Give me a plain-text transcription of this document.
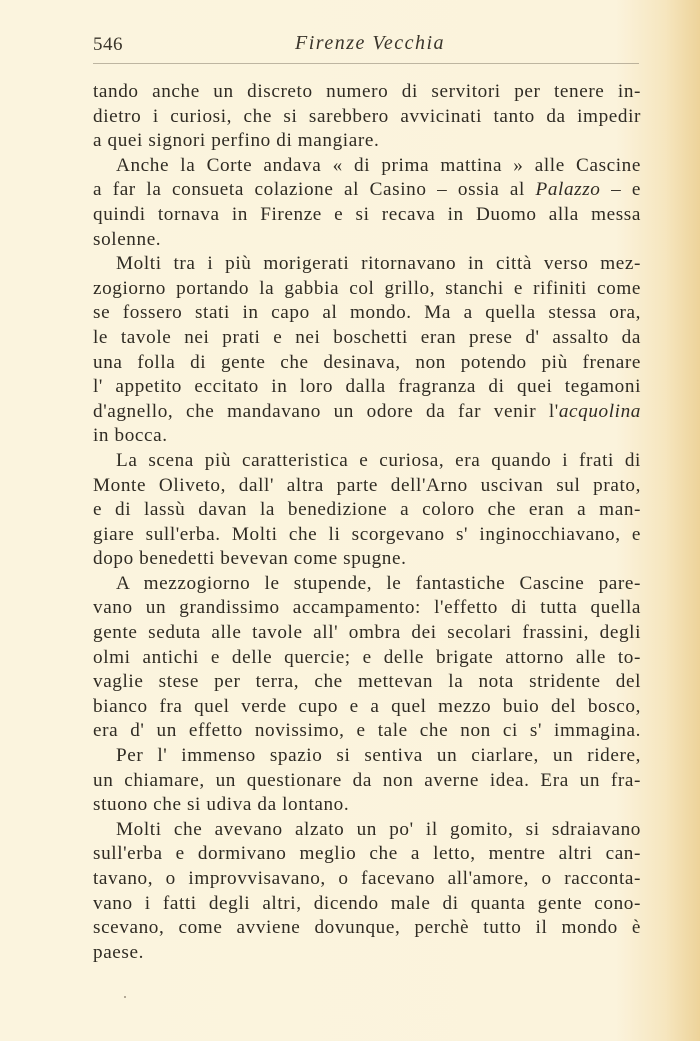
546	Firenze Vecchia

tando anche un discreto numero di servitori per tenere in-
dietro i curiosi, che si sarebbero avvicinati tanto da impedir
a quei signori perfino di mangiare.

Anche la Corte andava « di prima mattina » alle Cascine
a far la consueta colazione al Casino – ossia al Palazzo – e
quindi tornava in Firenze e si recava in Duomo alla messa
solenne.

Molti tra i più morigerati ritornavano in città verso mez-
zogiorno portando la gabbia col grillo, stanchi e rifiniti come
se fossero stati in capo al mondo. Ma a quella stessa ora,
le tavole nei prati e nei boschetti eran prese d' assalto da
una folla di gente che desinava, non potendo più frenare
l' appetito eccitato in loro dalla fragranza di quei tegamoni
d'agnello, che mandavano un odore da far venir l'acquolina
in bocca.

La scena più caratteristica e curiosa, era quando i frati di
Monte Oliveto, dall' altra parte dell'Arno uscivan sul prato,
e di lassù davan la benedizione a coloro che eran a man-
giare sull'erba. Molti che li scorgevano s' inginocchiavano, e
dopo benedetti bevevan come spugne.

A mezzogiorno le stupende, le fantastiche Cascine pare-
vano un grandissimo accampamento: l'effetto di tutta quella
gente seduta alle tavole all' ombra dei secolari frassini, degli
olmi antichi e delle quercie; e delle brigate attorno alle to-
vaglie stese per terra, che mettevan la nota stridente del
bianco fra quel verde cupo e a quel mezzo buio del bosco,
era d' un effetto novissimo, e tale che non ci s' immagina.

Per l' immenso spazio si sentiva un ciarlare, un ridere,
un chiamare, un questionare da non averne idea. Era un fra-
stuono che si udiva da lontano.

Molti che avevano alzato un po' il gomito, si sdraiavano
sull'erba e dormivano meglio che a letto, mentre altri can-
tavano, o improvvisavano, o facevano all'amore, o racconta-
vano i fatti degli altri, dicendo male di quanta gente cono-
scevano, come avviene dovunque, perchè tutto il mondo è
paese.
